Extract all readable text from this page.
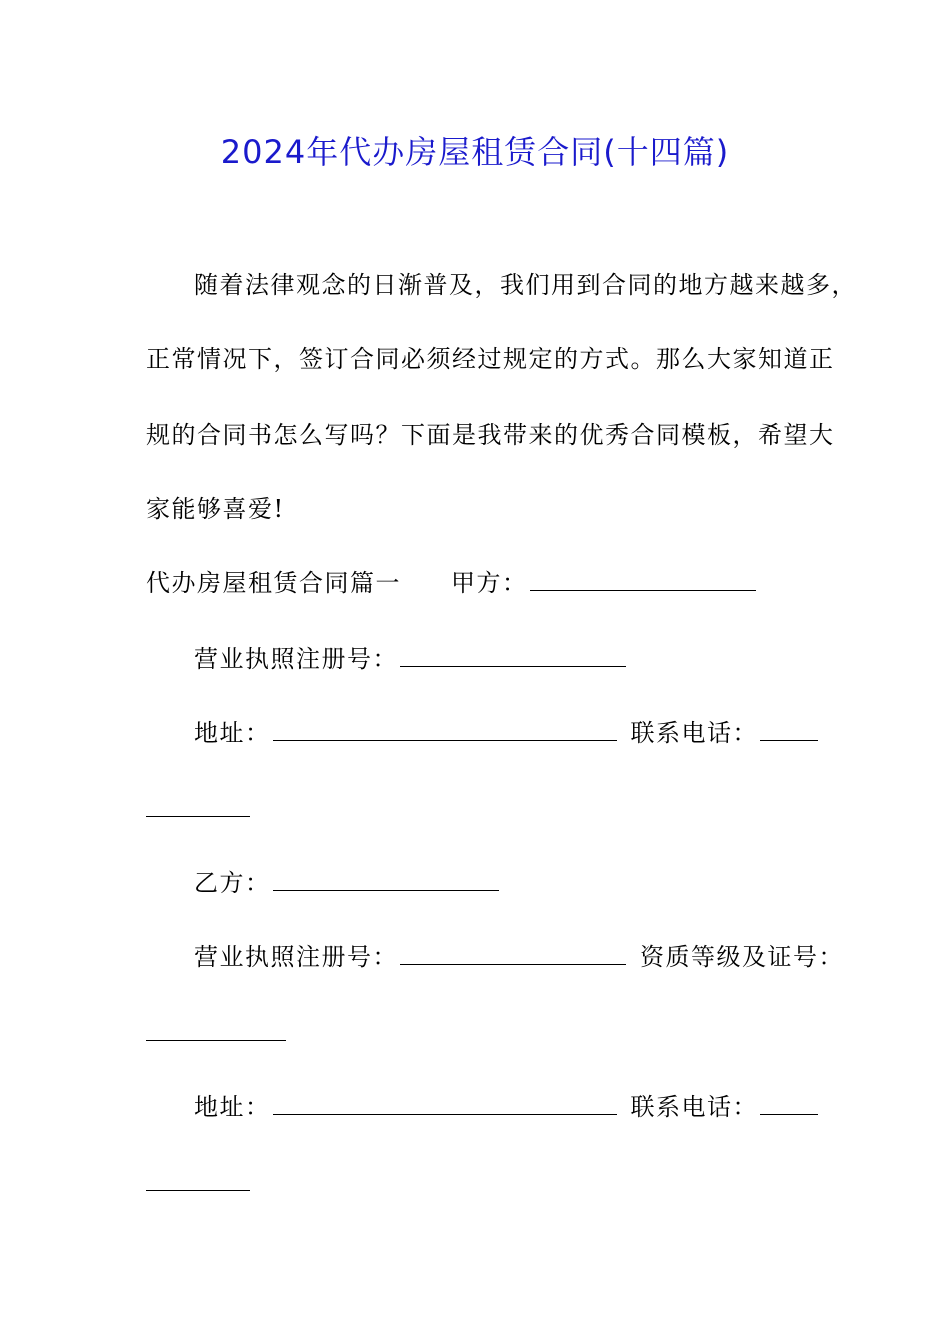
2024年代办房屋租赁合同(十四篇)
随着法律观念的日渐普及，我们用到合同的地方越来越多，
正常情况下，签订合同必须经过规定的方式。那么大家知道正
规的合同书怎么写吗？下面是我带来的优秀合同模板，希望大
家能够喜爱!
代办房屋租赁合同篇一 甲方：
营业执照注册号：
地址：	联系电话：
乙方：
营业执照注册号：	资质等级及证号：
地址：	联系电话：
